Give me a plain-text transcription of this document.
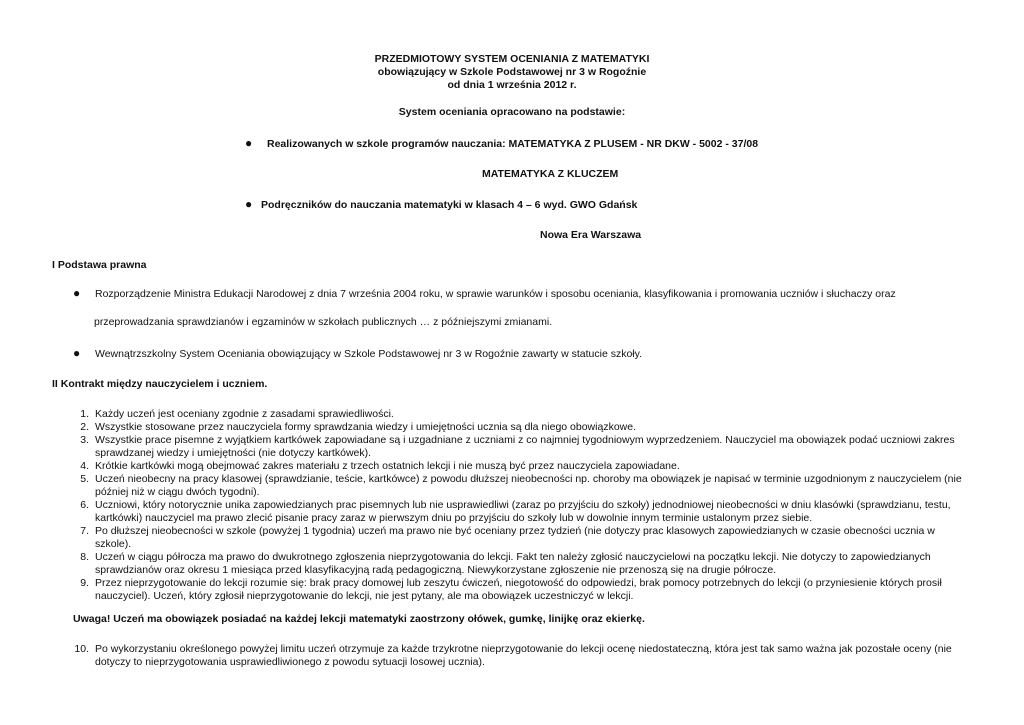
PRZEDMIOTOWY SYSTEM OCENIANIA Z MATEMATYKI
obowiązujący w Szkole Podstawowej nr 3 w Rogoźnie
od dnia 1 września 2012 r.
System oceniania opracowano na podstawie:
● Realizowanych w szkole programów nauczania: MATEMATYKA Z PLUSEM - NR DKW - 5002 - 37/08
MATEMATYKA Z KLUCZEM
● Podręczników do nauczania matematyki w klasach 4 – 6 wyd. GWO Gdańsk
Nowa Era Warszawa
I Podstawa prawna
● Rozporządzenie Ministra Edukacji Narodowej z dnia 7 września 2004 roku, w sprawie warunków i sposobu oceniania, klasyfikowania i promowania uczniów i słuchaczy oraz
przeprowadzania sprawdzianów i egzaminów w szkołach publicznych … z późniejszymi zmianami.
● Wewnątrzszkolny System Oceniania obowiązujący w Szkole Podstawowej nr 3 w Rogoźnie zawarty w statucie szkoły.
II Kontrakt między nauczycielem i uczniem.
1. Każdy uczeń jest oceniany zgodnie z zasadami sprawiedliwości.
2. Wszystkie stosowane przez nauczyciela formy sprawdzania wiedzy i umiejętności ucznia są dla niego obowiązkowe.
3. Wszystkie prace pisemne z wyjątkiem kartkówek zapowiadane są i uzgadniane z uczniami z co najmniej tygodniowym wyprzedzeniem. Nauczyciel ma obowiązek podać uczniowi zakres sprawdzanej wiedzy i umiejętności (nie dotyczy kartkówek).
4. Krótkie kartkówki mogą obejmować zakres materiału z trzech ostatnich lekcji i nie muszą być przez nauczyciela zapowiadane.
5. Uczeń nieobecny na pracy klasowej (sprawdzianie, teście, kartkówce) z powodu dłuższej nieobecności np. choroby ma obowiązek je napisać w terminie uzgodnionym z nauczycielem (nie później niż w ciągu dwóch tygodni).
6. Uczniowi, który notorycznie unika zapowiedzianych prac pisemnych lub nie usprawiedliwi (zaraz po przyjściu do szkoły) jednodniowej nieobecności w dniu klasówki (sprawdzianu, testu, kartkówki) nauczyciel ma prawo zlecić pisanie pracy zaraz w pierwszym dniu po przyjściu do szkoły lub w dowolnie innym terminie ustalonym przez siebie.
7. Po dłuższej nieobecności w szkole (powyżej 1 tygodnia) uczeń ma prawo nie być oceniany przez tydzień (nie dotyczy prac klasowych zapowiedzianych w czasie obecności ucznia w szkole).
8. Uczeń w ciągu półrocza ma prawo do dwukrotnego zgłoszenia nieprzygotowania do lekcji. Fakt ten należy zgłosić nauczycielowi na początku lekcji. Nie dotyczy to zapowiedzianych sprawdzianów oraz okresu 1 miesiąca przed klasyfikacyjną radą pedagogiczną. Niewykorzystane zgłoszenie nie przenoszą się na drugie półrocze.
9. Przez nieprzygotowanie do lekcji rozumie się: brak pracy domowej lub zeszytu ćwiczeń, niegotowość do odpowiedzi, brak pomocy potrzebnych do lekcji (o przyniesienie których prosił nauczyciel). Uczeń, który zgłosił nieprzygotowanie do lekcji, nie jest pytany, ale ma obowiązek uczestniczyć w lekcji.
Uwaga! Uczeń ma obowiązek posiadać na każdej lekcji matematyki zaostrzony ołówek, gumkę, linijkę oraz ekierkę.
10. Po wykorzystaniu określonego powyżej limitu uczeń otrzymuje za każde trzykrotne nieprzygotowanie do lekcji ocenę niedostateczną, która jest tak samo ważna jak pozostałe oceny (nie dotyczy to nieprzygotowania usprawiedliwionego z powodu sytuacji losowej ucznia).
